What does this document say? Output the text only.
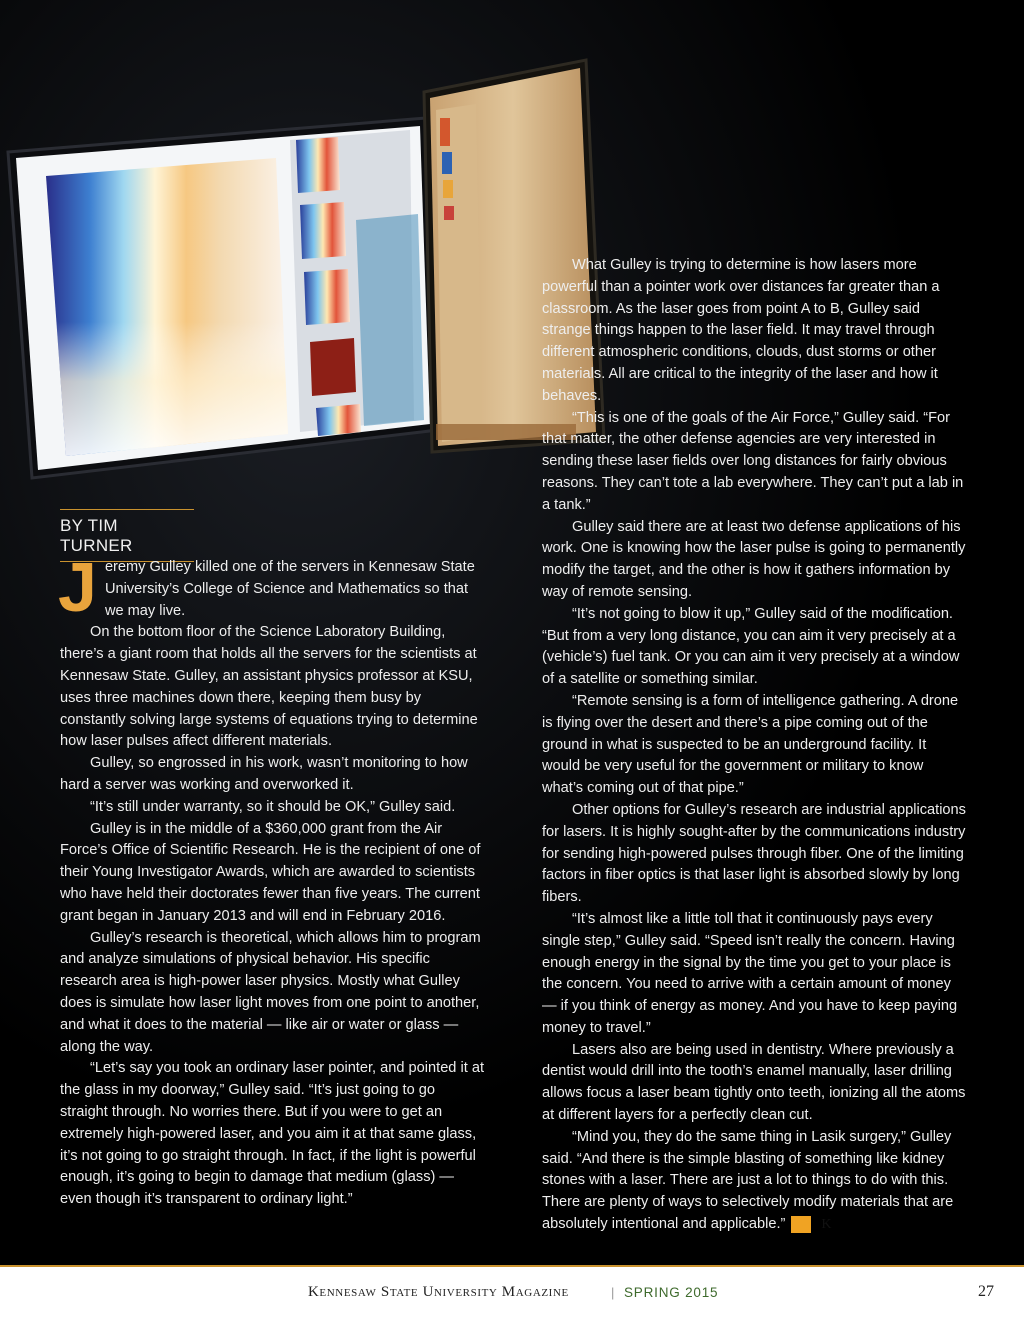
BY TIM TURNER

Jeremy Gulley killed one of the servers in Kennesaw State University’s College of Science and Mathematics so that we may live.

On the bottom floor of the Science Laboratory Building, there’s a giant room that holds all the servers for the scientists at Kennesaw State. Gulley, an assistant physics professor at KSU, uses three machines down there, keeping them busy by constantly solving large systems of equations trying to determine how laser pulses affect different materials.

Gulley, so engrossed in his work, wasn’t monitoring to how hard a server was working and overworked it.

“It’s still under warranty, so it should be OK,” Gulley said.

Gulley is in the middle of a $360,000 grant from the Air Force’s Office of Scientific Research. He is the recipient of one of their Young Investigator Awards, which are awarded to scientists who have held their doctorates fewer than five years. The current grant began in January 2013 and will end in February 2016.

Gulley’s research is theoretical, which allows him to program and analyze simulations of physical behavior. His specific research area is high-power laser physics. Mostly what Gulley does is simulate how laser light moves from one point to another, and what it does to the material — like air or water or glass — along the way.

“Let’s say you took an ordinary laser pointer, and pointed it at the glass in my doorway,” Gulley said. “It’s just going to go straight through. No worries there. But if you were to get an extremely high-powered laser, and you aim it at that same glass, it’s not going to go straight through. In fact, if the light is powerful enough, it’s going to begin to damage that medium (glass) — even though it’s transparent to ordinary light.”

What Gulley is trying to determine is how lasers more powerful than a pointer work over distances far greater than a classroom. As the laser goes from point A to B, Gulley said strange things happen to the laser field. It may travel through different atmospheric conditions, clouds, dust storms or other materials. All are critical to the integrity of the laser and how it behaves.

“This is one of the goals of the Air Force,” Gulley said. “For that matter, the other defense agencies are very interested in sending these laser fields over long distances for fairly obvious reasons. They can’t tote a lab everywhere. They can’t put a lab in a tank.”

Gulley said there are at least two defense applications of his work. One is knowing how the laser pulse is going to permanently modify the target, and the other is how it gathers information by way of remote sensing.

“It’s not going to blow it up,” Gulley said of the modification. “But from a very long distance, you can aim it very precisely at a (vehicle’s) fuel tank. Or you can aim it very precisely at a window of a satellite or something similar.

“Remote sensing is a form of intelligence gathering. A drone is flying over the desert and there’s a pipe coming out of the ground in what is suspected to be an underground facility. It would be very useful for the government or military to know what’s coming out of that pipe.”

Other options for Gulley’s research are industrial applications for lasers. It is highly sought-after by the communications industry for sending high-powered pulses through fiber. One of the limiting factors in fiber optics is that laser light is absorbed slowly by long fibers.

“It’s almost like a little toll that it continuously pays every single step,” Gulley said. “Speed isn’t really the concern. Having enough energy in the signal by the time you get to your place is the concern. You need to arrive with a certain amount of money — if you think of energy as money. And you have to keep paying money to travel.”

Lasers also are being used in dentistry. Where previously a dentist would drill into the tooth’s enamel manually, laser drilling allows focus a laser beam tightly onto teeth, ionizing all the atoms at different layers for a perfectly clean cut.

“Mind you, they do the same thing in Lasik surgery,” Gulley said. “And there is the simple blasting of something like kidney stones with a laser. There are just a lot to things to do with this. There are plenty of ways to selectively modify materials that are absolutely intentional and applicable.”	K

Kennesaw State University Magazine	| SPRING 2015	27
